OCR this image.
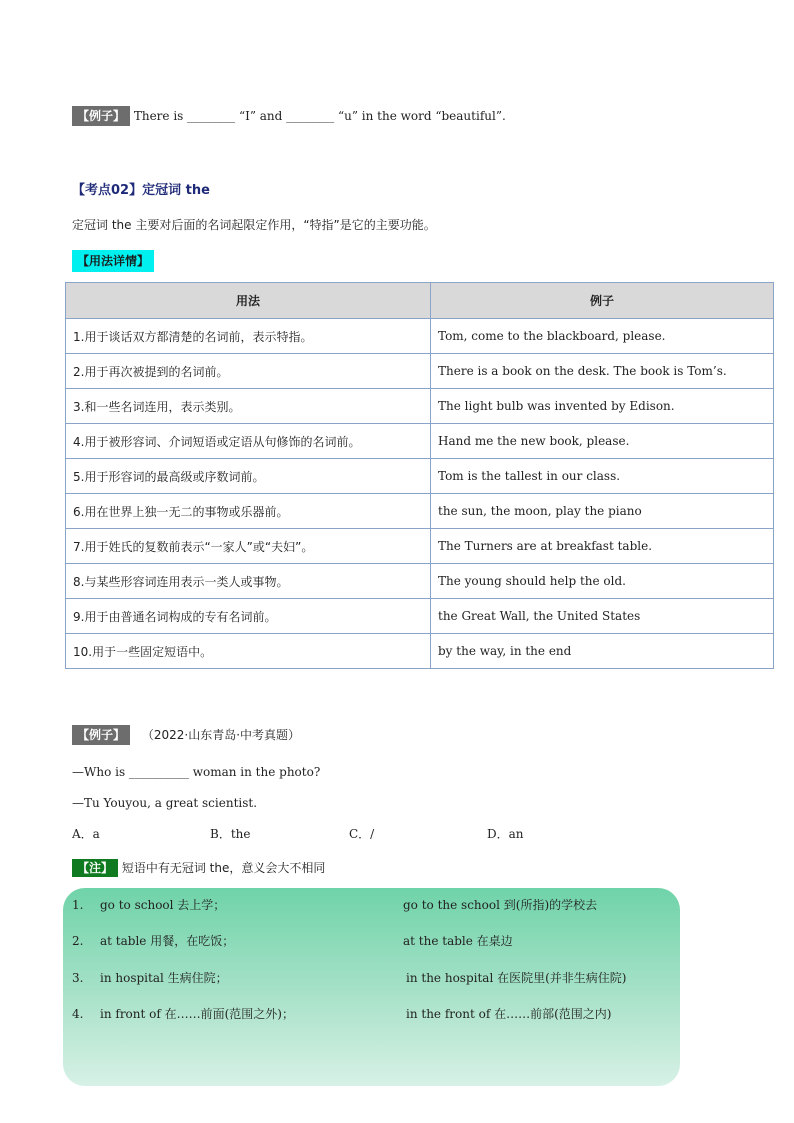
【例子】 There is ________ “I” and ________ “u” in the word “beautiful”.
【考点02】定冠词 the
定冠词 the 主要对后面的名词起限定作用，“特指”是它的主要功能。
【用法详情】
用法	例子
1.用于谈话双方都清楚的名词前，表示特指。	Tom, come to the blackboard, please.
2.用于再次被提到的名词前。	There is a book on the desk. The book is Tom’s.
3.和一些名词连用，表示类别。	The light bulb was invented by Edison.
4.用于被形容词、介词短语或定语从句修饰的名词前。	Hand me the new book, please.
5.用于形容词的最高级或序数词前。	Tom is the tallest in our class.
6.用在世界上独一无二的事物或乐器前。	the sun, the moon, play the piano
7.用于姓氏的复数前表示“一家人”或“夫妇”。	The Turners are at breakfast table.
8.与某些形容词连用表示一类人或事物。	The young should help the old.
9.用于由普通名词构成的专有名词前。	the Great Wall, the United States
10.用于一些固定短语中。	by the way, in the end
【例子】 （2022·山东青岛·中考真题）
—Who is __________ woman in the photo?
—Tu Youyou, a great scientist.
A．a	B．the	C．/	D．an
【注】 短语中有无冠词 the，意义会大不相同
1. go to school 去上学；	go to the school 到(所指)的学校去
2. at table 用餐，在吃饭；	at the table 在桌边
3. in hospital 生病住院；	in the hospital 在医院里(并非生病住院)
4. in front of 在……前面(范围之外)；	in the front of 在……前部(范围之内)
